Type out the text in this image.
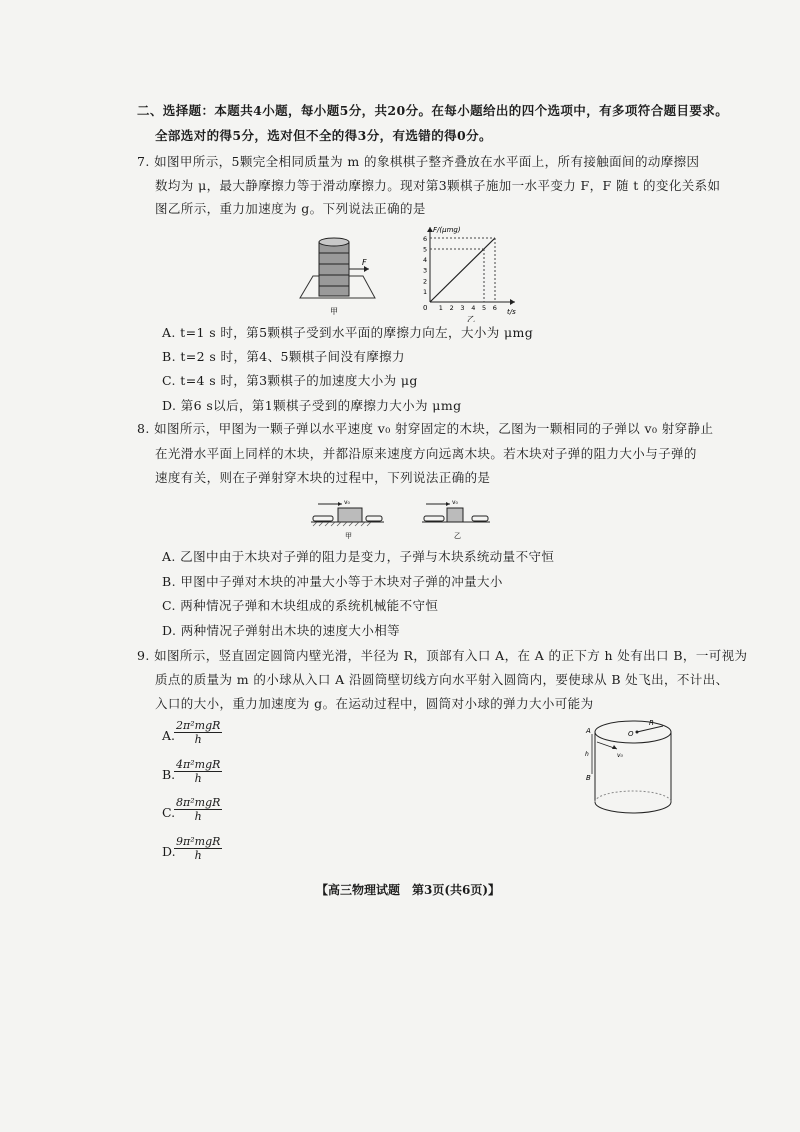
二、选择题：本题共4小题，每小题5分，共20分。在每小题给出的四个选项中，有多项符合题目要求。
全部选对的得5分，选对但不全的得3分，有选错的得0分。
7. 如图甲所示，5颗完全相同质量为 m 的象棋棋子整齐叠放在水平面上，所有接触面间的动摩擦因
数均为 μ，最大静摩擦力等于滑动摩擦力。现对第3颗棋子施加一水平变力 F，F 随 t 的变化关系如
图乙所示，重力加速度为 g。下列说法正确的是
F
甲
F/(μmg)
t/s
0
1
2
3
4
5
6
1 2 3 4 5 6
乙
A. t=1 s 时，第5颗棋子受到水平面的摩擦力向左，大小为 μmg
B. t=2 s 时，第4、5颗棋子间没有摩擦力
C. t=4 s 时，第3颗棋子的加速度大小为 μg
D. 第6 s以后，第1颗棋子受到的摩擦力大小为 μmg
8. 如图所示，甲图为一颗子弹以水平速度 v₀ 射穿固定的木块，乙图为一颗相同的子弹以 v₀ 射穿静止
在光滑水平面上同样的木块，并都沿原来速度方向远离木块。若木块对子弹的阻力大小与子弹的
速度有关，则在子弹射穿木块的过程中，下列说法正确的是
v₀
甲
v₀
乙
A. 乙图中由于木块对子弹的阻力是变力，子弹与木块系统动量不守恒
B. 甲图中子弹对木块的冲量大小等于木块对子弹的冲量大小
C. 两种情况子弹和木块组成的系统机械能不守恒
D. 两种情况子弹射出木块的速度大小相等
9. 如图所示，竖直固定圆筒内壁光滑，半径为 R，顶部有入口 A，在 A 的正下方 h 处有出口 B，一可视为
质点的质量为 m 的小球从入口 A 沿圆筒壁切线方向水平射入圆筒内，要使球从 B 处飞出，不计出、
入口的大小，重力加速度为 g。在运动过程中，圆筒对小球的弹力大小可能为
A.
2π²mgR
h
B.
4π²mgR
h
C.
8π²mgR
h
D.
9π²mgR
h
O
R
A
B
h	v₀
【高三物理试题　第3页(共6页)】
